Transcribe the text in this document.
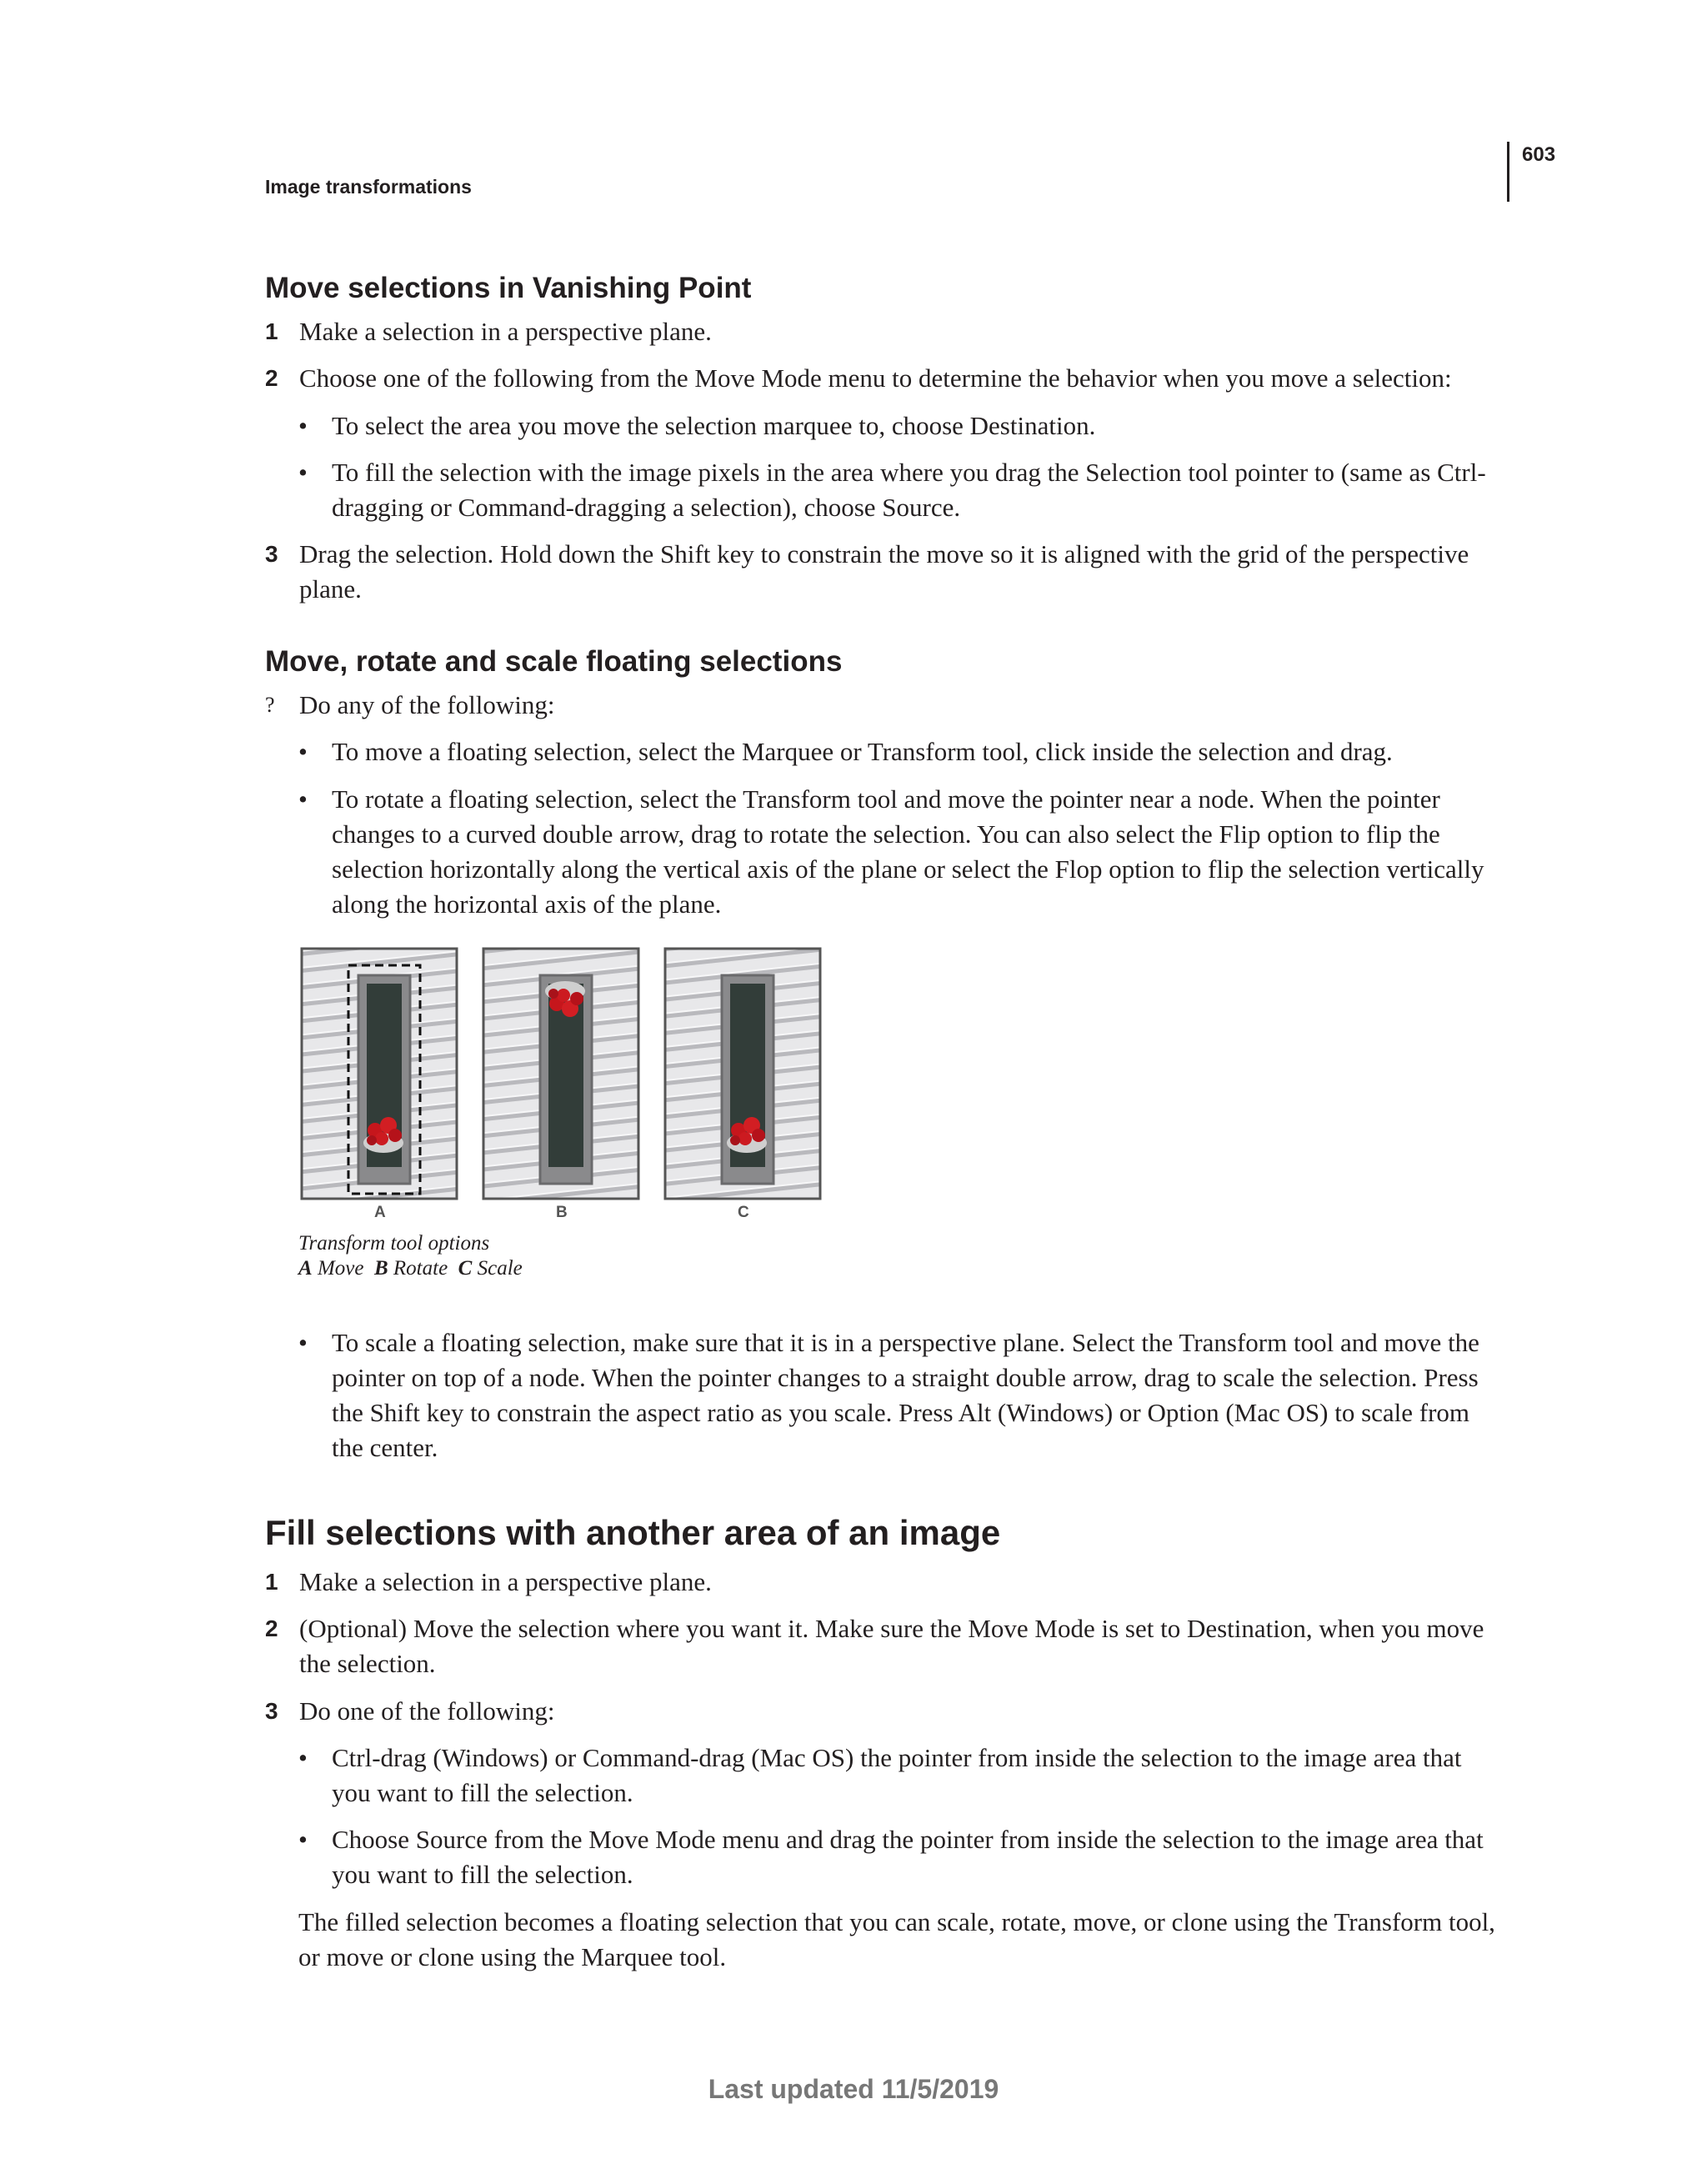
603
Image transformations
Move selections in Vanishing Point
1 Make a selection in a perspective plane.
2 Choose one of the following from the Move Mode menu to determine the behavior when you move a selection:
• To select the area you move the selection marquee to, choose Destination.
• To fill the selection with the image pixels in the area where you drag the Selection tool pointer to (same as Ctrl-dragging or Command-dragging a selection), choose Source.
3 Drag the selection. Hold down the Shift key to constrain the move so it is aligned with the grid of the perspective plane.
Move, rotate and scale floating selections
? Do any of the following:
• To move a floating selection, select the Marquee or Transform tool, click inside the selection and drag.
• To rotate a floating selection, select the Transform tool and move the pointer near a node. When the pointer changes to a curved double arrow, drag to rotate the selection. You can also select the Flip option to flip the selection horizontally along the vertical axis of the plane or select the Flop option to flip the selection vertically along the horizontal axis of the plane.
A	B	C
Transform tool options
A Move B Rotate C Scale
• To scale a floating selection, make sure that it is in a perspective plane. Select the Transform tool and move the pointer on top of a node. When the pointer changes to a straight double arrow, drag to scale the selection. Press the Shift key to constrain the aspect ratio as you scale. Press Alt (Windows) or Option (Mac OS) to scale from the center.
Fill selections with another area of an image
1 Make a selection in a perspective plane.
2 (Optional) Move the selection where you want it. Make sure the Move Mode is set to Destination, when you move the selection.
3 Do one of the following:
• Ctrl-drag (Windows) or Command-drag (Mac OS) the pointer from inside the selection to the image area that you want to fill the selection.
• Choose Source from the Move Mode menu and drag the pointer from inside the selection to the image area that you want to fill the selection.
The filled selection becomes a floating selection that you can scale, rotate, move, or clone using the Transform tool, or move or clone using the Marquee tool.
Last updated 11/5/2019
